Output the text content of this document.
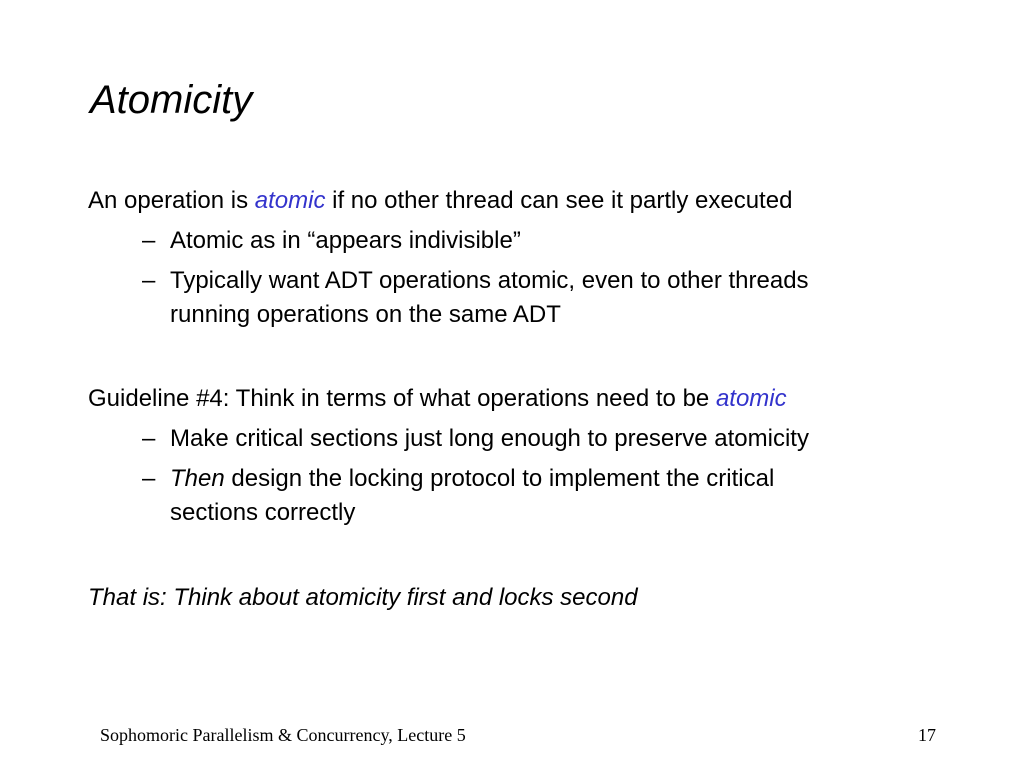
Atomicity
An operation is atomic if no other thread can see it partly executed
– Atomic as in “appears indivisible”
– Typically want ADT operations atomic, even to other threads
running operations on the same ADT
Guideline #4: Think in terms of what operations need to be atomic
– Make critical sections just long enough to preserve atomicity
– Then design the locking protocol to implement the critical
sections correctly
That is: Think about atomicity first and locks second
Sophomoric Parallelism & Concurrency, Lecture 5	17
